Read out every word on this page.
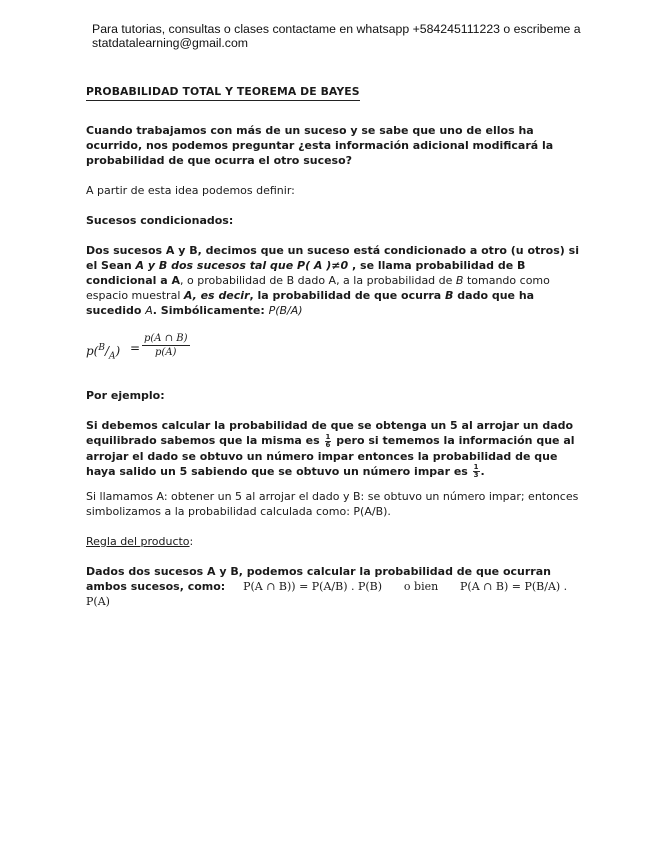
Para tutorias, consultas o clases contactame en whatsapp +584245111223 o escribeme a statdatalearning@gmail.com
PROBABILIDAD TOTAL Y TEOREMA DE BAYES

Cuando trabajamos con más de un suceso y se sabe que uno de ellos ha ocurrido, nos podemos preguntar ¿esta información adicional modificará la probabilidad de que ocurra el otro suceso?

A partir de esta idea podemos definir:

Sucesos condicionados:

Dos sucesos A y B, decimos que un suceso está condicionado a otro (u otros) si el Sean A y B dos sucesos tal que P( A )≠0 , se llama probabilidad de B condicional a A, o probabilidad de B dado A, a la probabilidad de B tomando como espacio muestral A, es decir, la probabilidad de que ocurra B dado que ha sucedido A. Simbólicamente: P(B/A)

$p(^B/_A) = \frac{p(A \cap B)}{p(A)}$

Por ejemplo:

Si debemos calcular la probabilidad de que se obtenga un 5 al arrojar un dado equilibrado sabemos que la misma es $\frac{1}{6}$ pero si tememos la información que al arrojar el dado se obtuvo un número impar entonces la probabilidad de que haya salido un 5 sabiendo que se obtuvo un número impar es $\frac{1}{3}$ .

Si llamamos A: obtener un 5 al arrojar el dado y B: se obtuvo un número impar; entonces simbolizamos a la probabilidad calculada como: P(A/B).

Regla del producto:

Dados dos sucesos A y B, podemos calcular la probabilidad de que ocurran ambos sucesos, como: P(A ∩ B)) = P(A/B) . P(B) o bien P(A ∩ B) = P(B/A) . P(A)
